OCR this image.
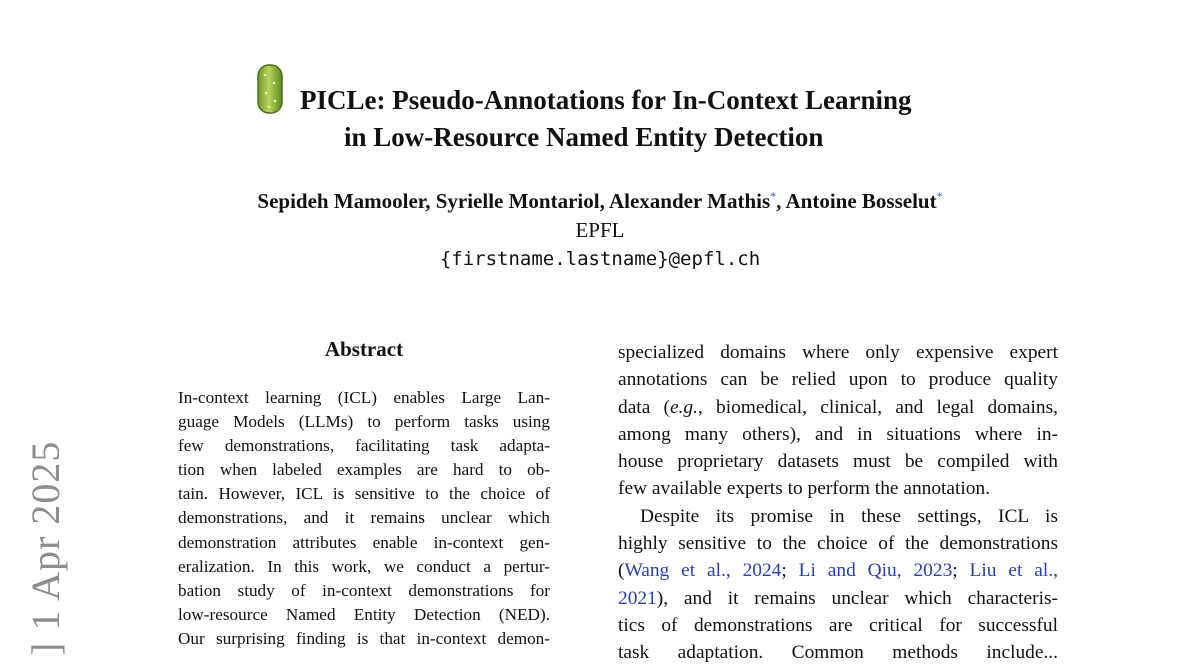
] 1 Apr 2025
PICLe: Pseudo-Annotations for In-Context Learning
in Low-Resource Named Entity Detection
Sepideh Mamooler, Syrielle Montariol, Alexander Mathis*, Antoine Bosselut*
EPFL
{firstname.lastname}@epfl.ch
Abstract
In-context learning (ICL) enables Large Lan-
guage Models (LLMs) to perform tasks using
few demonstrations, facilitating task adapta-
tion when labeled examples are hard to ob-
tain. However, ICL is sensitive to the choice of
demonstrations, and it remains unclear which
demonstration attributes enable in-context gen-
eralization. In this work, we conduct a pertur-
bation study of in-context demonstrations for
low-resource Named Entity Detection (NED).
Our surprising finding is that in-context demon-
specialized domains where only expensive expert
annotations can be relied upon to produce quality
data (e.g., biomedical, clinical, and legal domains,
among many others), and in situations where in-
house proprietary datasets must be compiled with
few available experts to perform the annotation.
Despite its promise in these settings, ICL is
highly sensitive to the choice of the demonstrations
(Wang et al., 2024; Li and Qiu, 2023; Liu et al.,
2021), and it remains unclear which characteris-
tics of demonstrations are critical for successful
task adaptation. Common methods include...
